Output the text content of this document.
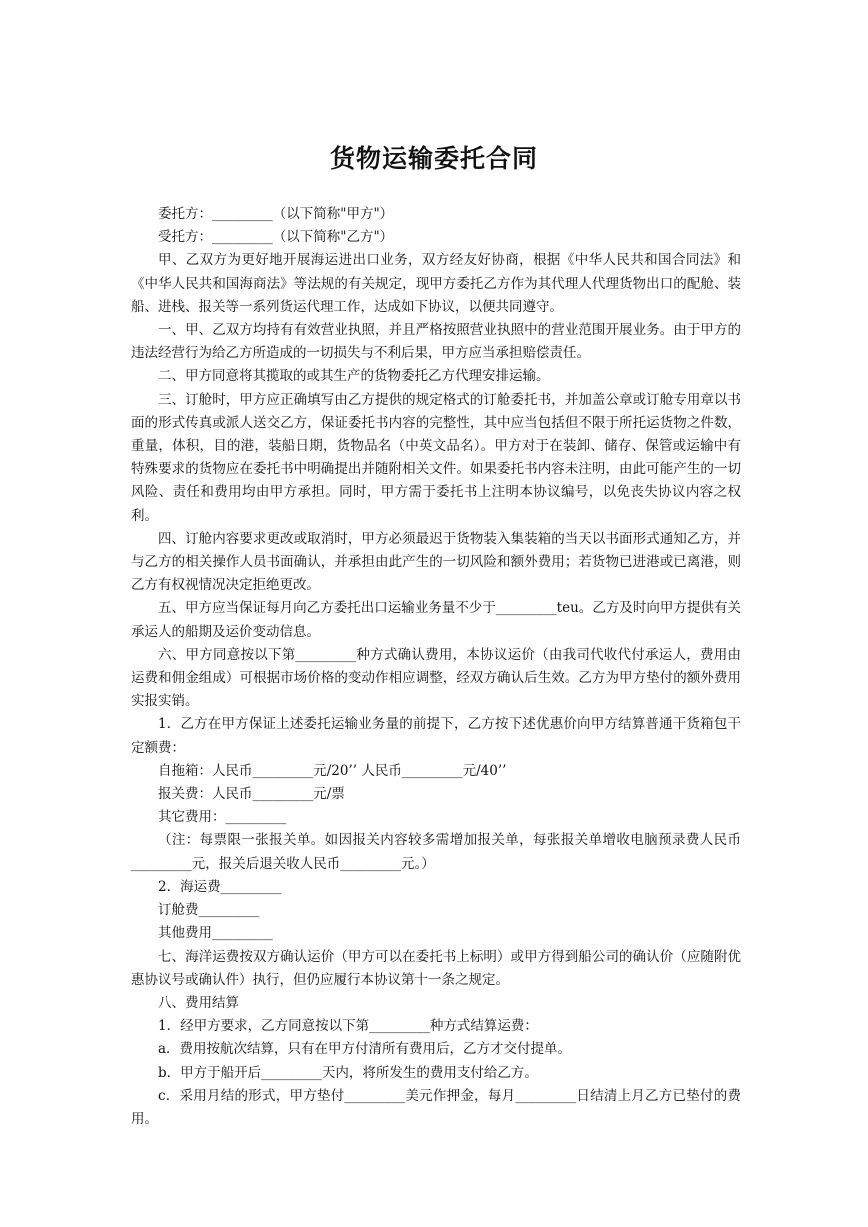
货物运输委托合同

委托方：_________（以下简称"甲方"）

受托方：_________（以下简称"乙方"）

甲、乙双方为更好地开展海运进出口业务，双方经友好协商，根据《中华人民共和国合同法》和《中华人民共和国海商法》等法规的有关规定，现甲方委托乙方作为其代理人代理货物出口的配舱、装船、进栈、报关等一系列货运代理工作，达成如下协议，以便共同遵守。

一、甲、乙双方均持有有效营业执照，并且严格按照营业执照中的营业范围开展业务。由于甲方的违法经营行为给乙方所造成的一切损失与不利后果，甲方应当承担赔偿责任。

二、甲方同意将其揽取的或其生产的货物委托乙方代理安排运输。

三、订舱时，甲方应正确填写由乙方提供的规定格式的订舱委托书，并加盖公章或订舱专用章以书面的形式传真或派人送交乙方，保证委托书内容的完整性，其中应当包括但不限于所托运货物之件数，重量，体积，目的港，装船日期，货物品名（中英文品名）。甲方对于在装卸、储存、保管或运输中有特殊要求的货物应在委托书中明确提出并随附相关文件。如果委托书内容未注明，由此可能产生的一切风险、责任和费用均由甲方承担。同时，甲方需于委托书上注明本协议编号，以免丧失协议内容之权利。

四、订舱内容要求更改或取消时，甲方必须最迟于货物装入集装箱的当天以书面形式通知乙方，并与乙方的相关操作人员书面确认，并承担由此产生的一切风险和额外费用；若货物已进港或已离港，则乙方有权视情况决定拒绝更改。

五、甲方应当保证每月向乙方委托出口运输业务量不少于_________teu。乙方及时向甲方提供有关承运人的船期及运价变动信息。

六、甲方同意按以下第_________种方式确认费用，本协议运价（由我司代收代付承运人，费用由运费和佣金组成）可根据市场价格的变动作相应调整，经双方确认后生效。乙方为甲方垫付的额外费用实报实销。

1．乙方在甲方保证上述委托运输业务量的前提下，乙方按下述优惠价向甲方结算普通干货箱包干定额费：

自拖箱：人民币_________元/20’’ 人民币_________元/40’’

报关费：人民币_________元/票

其它费用：_________

（注：每票限一张报关单。如因报关内容较多需增加报关单，每张报关单增收电脑预录费人民币_________元，报关后退关收人民币_________元。）

2．海运费_________

订舱费_________

其他费用_________

七、海洋运费按双方确认运价（甲方可以在委托书上标明）或甲方得到船公司的确认价（应随附优惠协议号或确认件）执行，但仍应履行本协议第十一条之规定。

八、费用结算

1．经甲方要求，乙方同意按以下第_________种方式结算运费：

a．费用按航次结算，只有在甲方付清所有费用后，乙方才交付提单。

b．甲方于船开后_________天内，将所发生的费用支付给乙方。

c．采用月结的形式，甲方垫付_________美元作押金，每月_________日结清上月乙方已垫付的费用。
